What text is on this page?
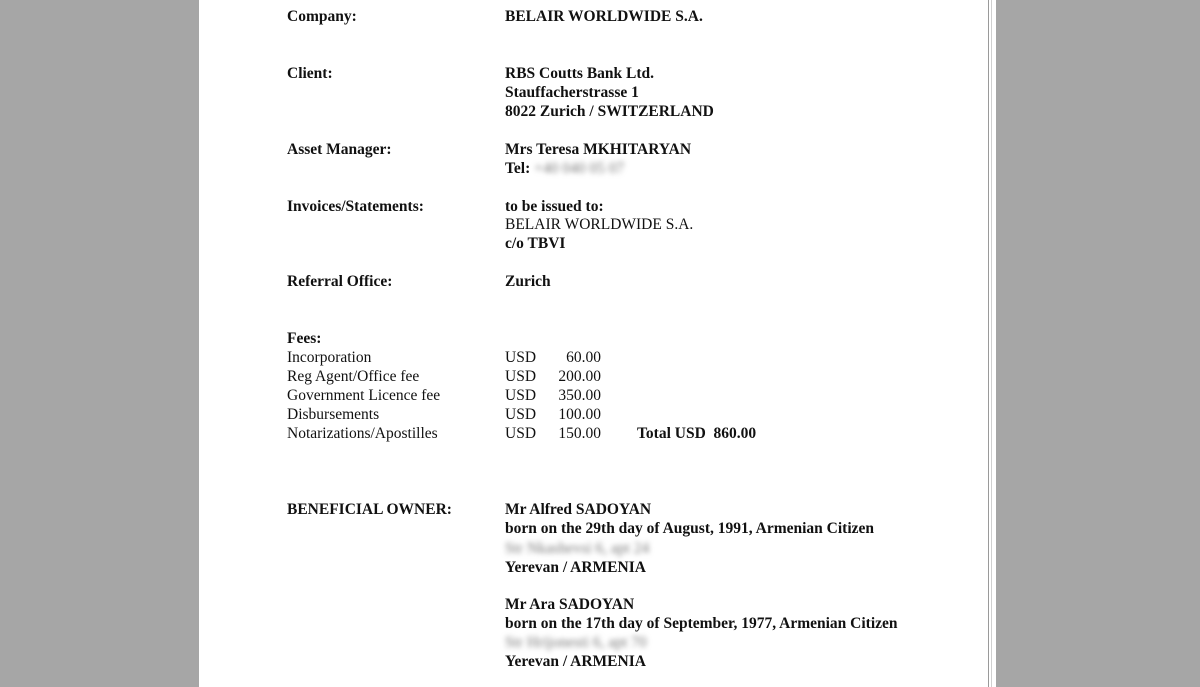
Company:	BELAIR WORLDWIDE S.A.
Client:	RBS Coutts Bank Ltd.
Stauffacherstrasse 1
8022 Zurich / SWITZERLAND
Asset Manager:	Mrs Teresa MKHITARYAN
Tel: +40 040 05 07
Invoices/Statements:	to be issued to:
BELAIR WORLDWIDE S.A.
c/o TBVI
Referral Office:	Zurich
Fees:
Incorporation	USD	60.00
Reg Agent/Office fee	USD	200.00
Government Licence fee	USD	350.00
Disbursements	USD	100.00
Notarizations/Apostilles	USD	150.00 Total USD  860.00
BENEFICIAL OWNER:	Mr Alfred SADOYAN
born on the 29th day of August, 1991, Armenian Citizen
Str Nkashevsi 6, apt 24
Yerevan / ARMENIA
Mr Ara SADOYAN
born on the 17th day of September, 1977, Armenian Citizen
Str Hrijonesti 6, apt 70
Yerevan / ARMENIA
